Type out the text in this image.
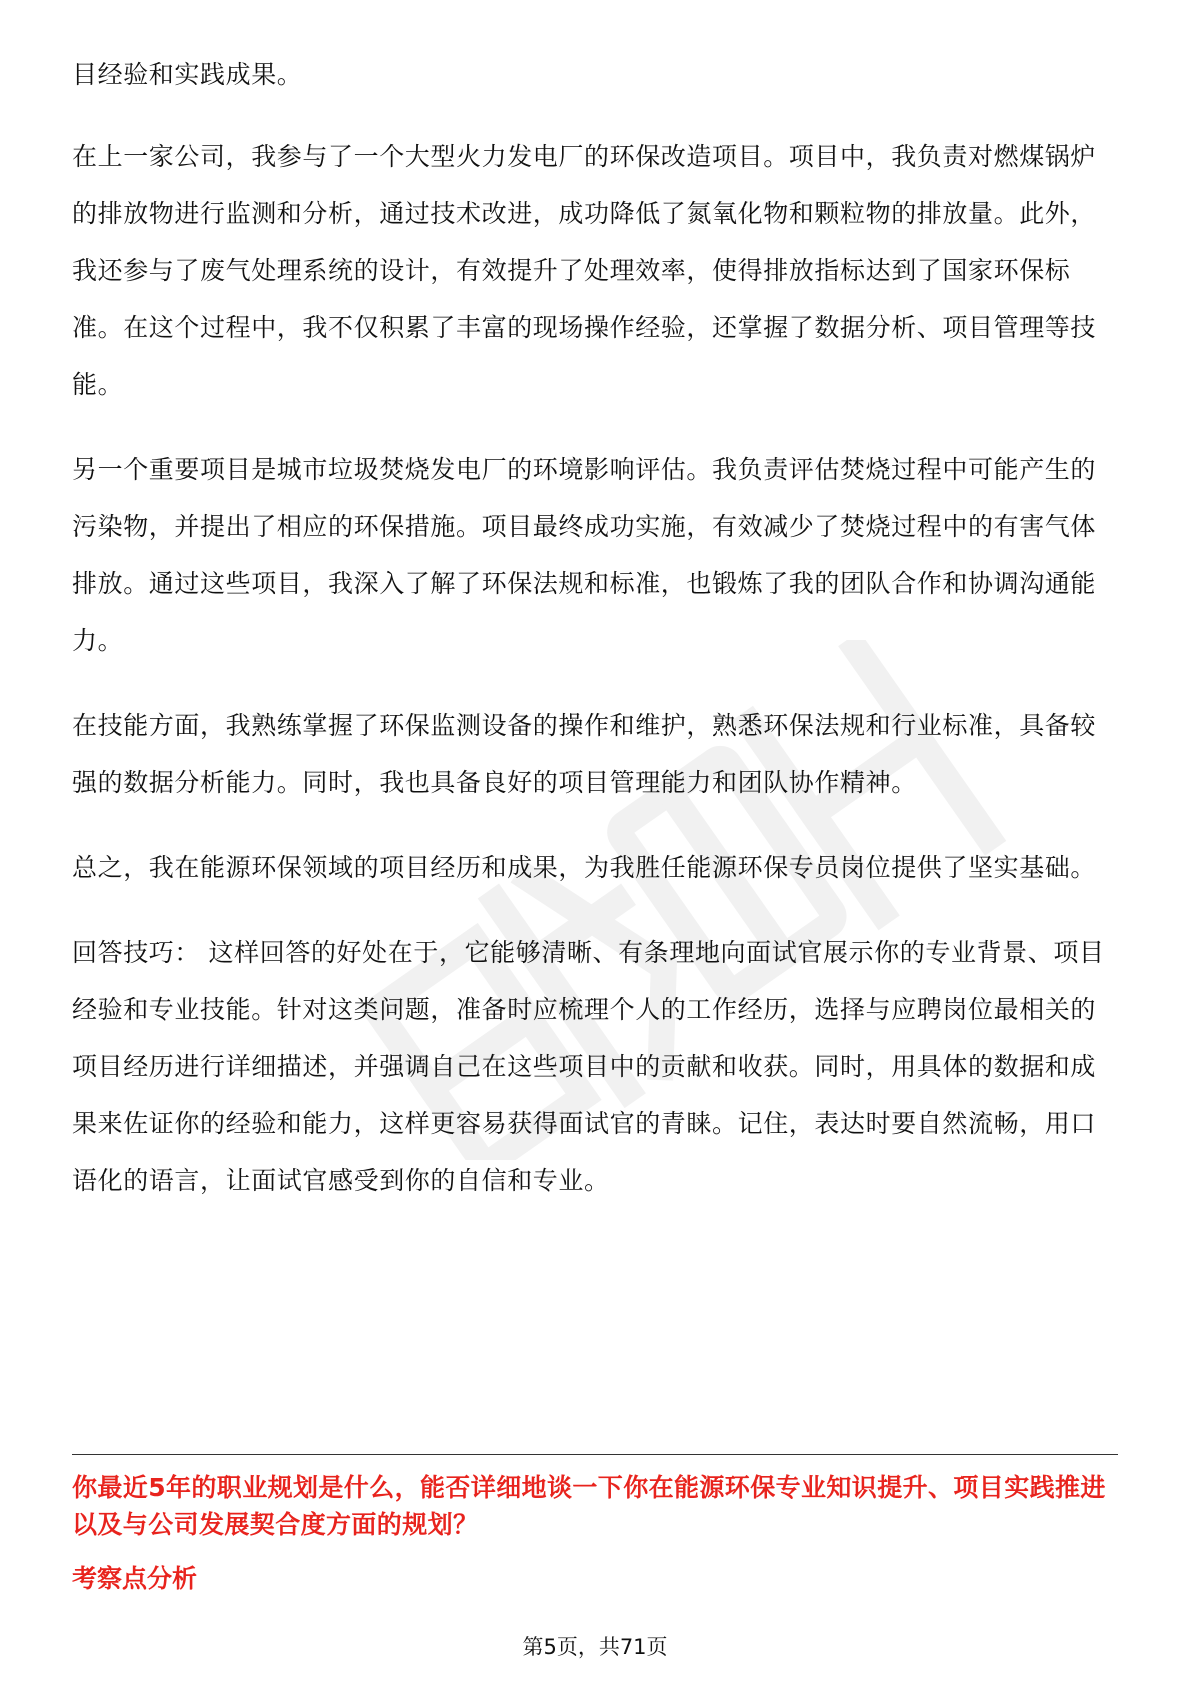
目经验和实践成果。

在上一家公司，我参与了一个大型火力发电厂的环保改造项目。项目中，我负责对燃煤锅炉的排放物进行监测和分析，通过技术改进，成功降低了氮氧化物和颗粒物的排放量。此外，我还参与了废气处理系统的设计，有效提升了处理效率，使得排放指标达到了国家环保标准。在这个过程中，我不仅积累了丰富的现场操作经验，还掌握了数据分析、项目管理等技能。

另一个重要项目是城市垃圾焚烧发电厂的环境影响评估。我负责评估焚烧过程中可能产生的污染物，并提出了相应的环保措施。项目最终成功实施，有效减少了焚烧过程中的有害气体排放。通过这些项目，我深入了解了环保法规和标准，也锻炼了我的团队合作和协调沟通能力。

在技能方面，我熟练掌握了环保监测设备的操作和维护，熟悉环保法规和行业标准，具备较强的数据分析能力。同时，我也具备良好的项目管理能力和团队协作精神。

总之，我在能源环保领域的项目经历和成果，为我胜任能源环保专员岗位提供了坚实基础。

回答技巧： 这样回答的好处在于，它能够清晰、有条理地向面试官展示你的专业背景、项目经验和专业技能。针对这类问题，准备时应梳理个人的工作经历，选择与应聘岗位最相关的项目经历进行详细描述，并强调自己在这些项目中的贡献和收获。同时，用具体的数据和成果来佐证你的经验和能力，这样更容易获得面试官的青睐。记住，表达时要自然流畅，用口语化的语言，让面试官感受到你的自信和专业。

你最近5年的职业规划是什么，能否详细地谈一下你在能源环保专业知识提升、项目实践推进以及与公司发展契合度方面的规划？

考察点分析

第5页，共71页
